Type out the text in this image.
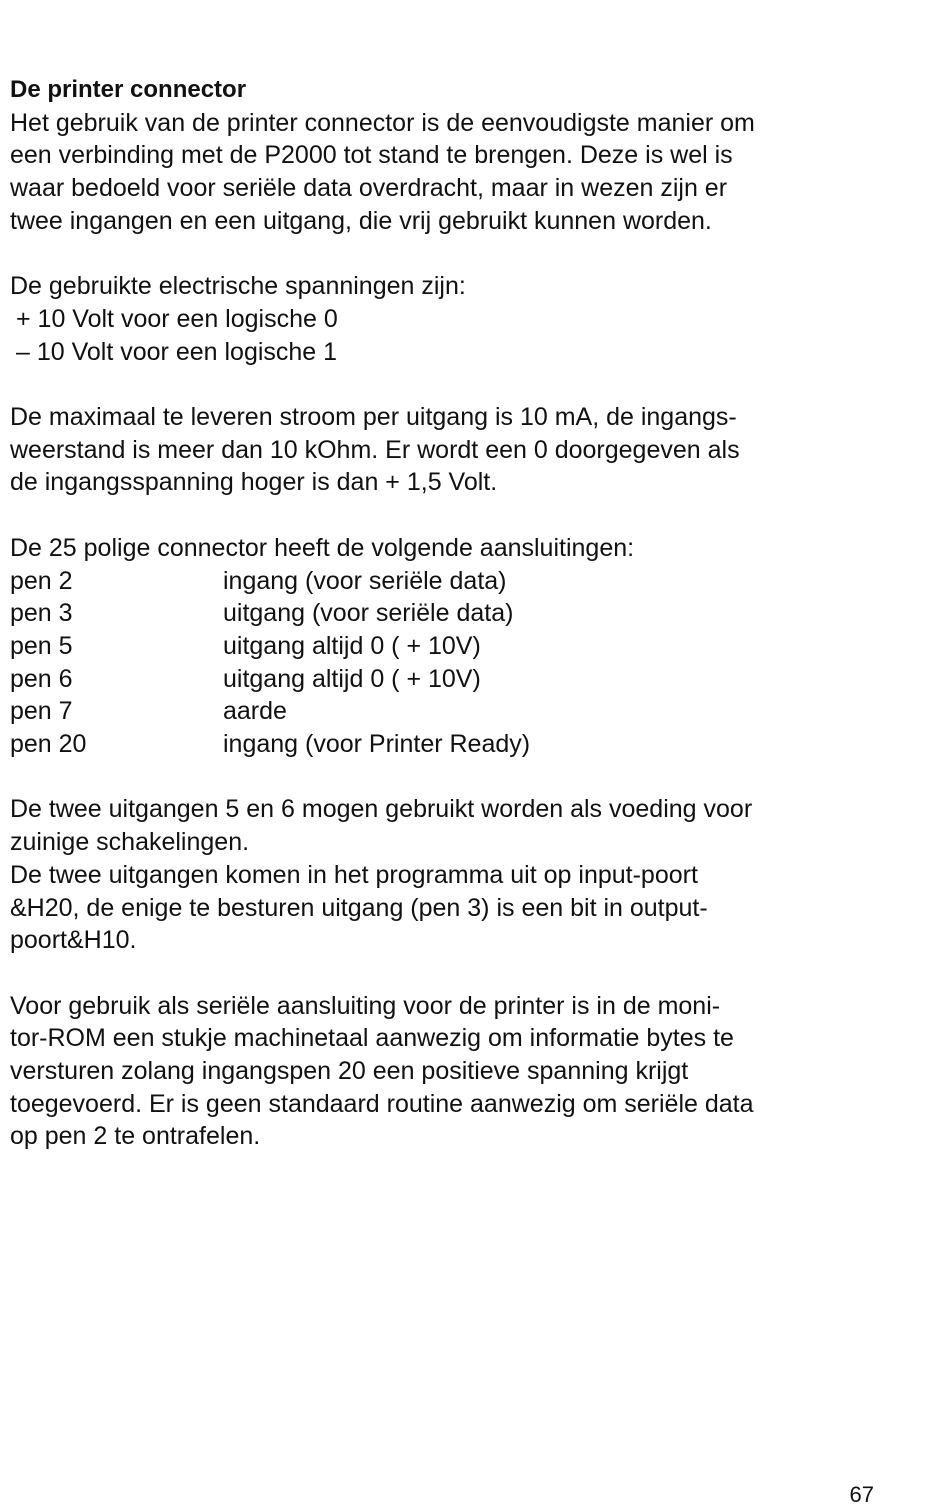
De printer connector

Het gebruik van de printer connector is de eenvoudigste manier om

een verbinding met de P2000 tot stand te brengen. Deze is wel is

waar bedoeld voor seriële data overdracht, maar in wezen zijn er

twee ingangen en een uitgang, die vrij gebruikt kunnen worden.

De gebruikte electrische spanningen zijn:

+ 10 Volt voor een logische 0

– 10 Volt voor een logische 1

De maximaal te leveren stroom per uitgang is 10 mA, de ingangs-

weerstand is meer dan 10 kOhm. Er wordt een 0 doorgegeven als

de ingangsspanning hoger is dan + 1,5 Volt.

De 25 polige connector heeft de volgende aansluitingen:

pen 2	ingang (voor seriële data)
pen 3	uitgang (voor seriële data)
pen 5	uitgang altijd 0 ( + 10V)
pen 6	uitgang altijd 0 ( + 10V)
pen 7	aarde
pen 20	ingang (voor Printer Ready)

De twee uitgangen 5 en 6 mogen gebruikt worden als voeding voor

zuinige schakelingen.

De twee uitgangen komen in het programma uit op input-poort

&H20, de enige te besturen uitgang (pen 3) is een bit in output-

poort&H10.

Voor gebruik als seriële aansluiting voor de printer is in de moni-

tor-ROM een stukje machinetaal aanwezig om informatie bytes te

versturen zolang ingangspen 20 een positieve spanning krijgt

toegevoerd. Er is geen standaard routine aanwezig om seriële data

op pen 2 te ontrafelen.

67
